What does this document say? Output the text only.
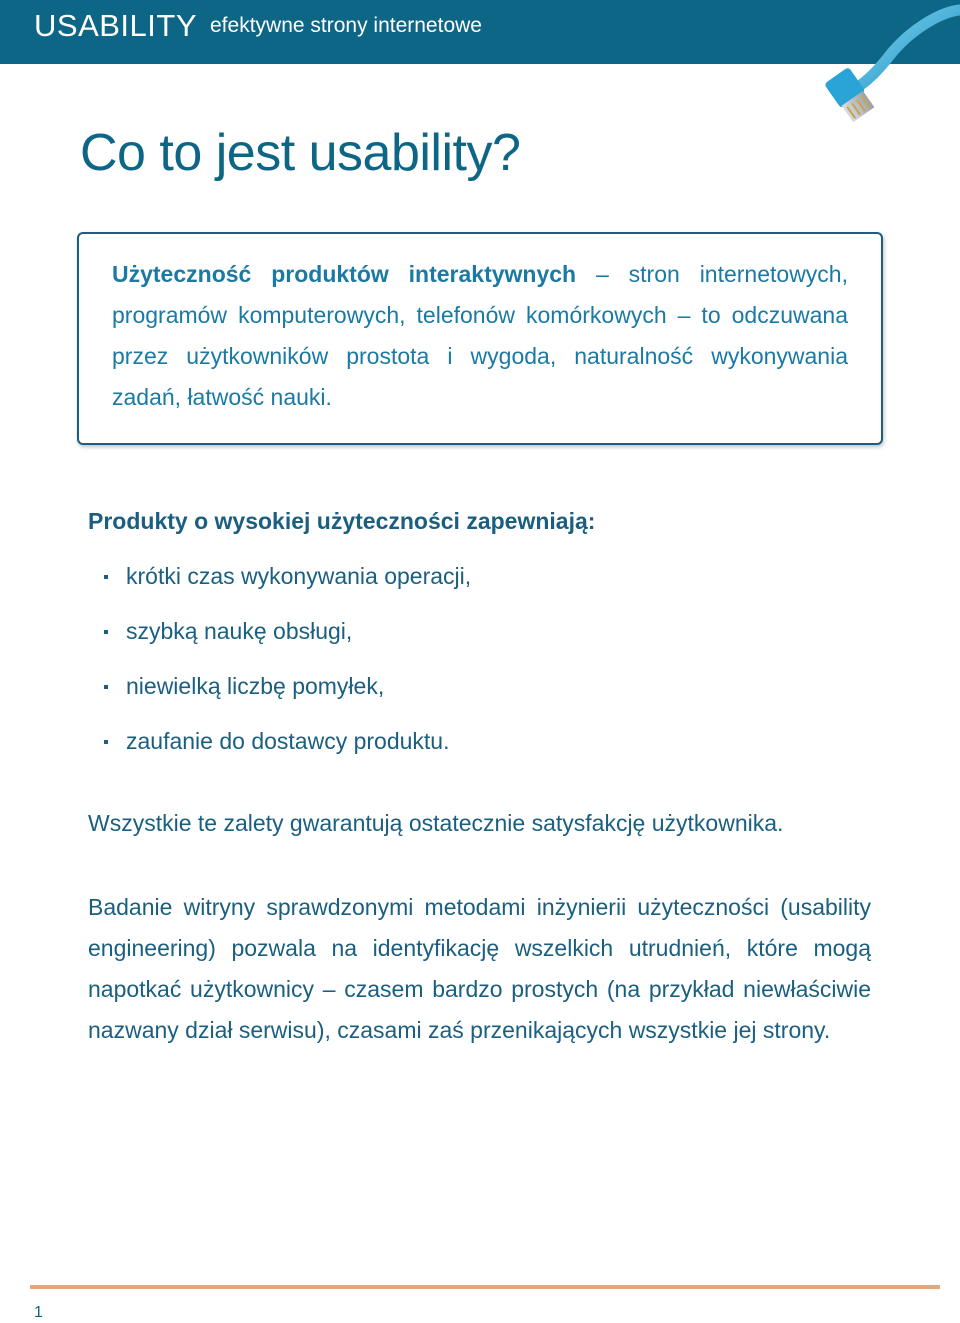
USABILITY efektywne strony internetowe
Co to jest usability?

Użyteczność produktów interaktywnych – stron internetowych, programów komputerowych, telefonów komórkowych – to odczuwana przez użytkowników prostota i wygoda, naturalność wykonywania zadań, łatwość nauki.

Produkty o wysokiej użyteczności zapewniają:
krótki czas wykonywania operacji,
szybką naukę obsługi,
niewielką liczbę pomyłek,
zaufanie do dostawcy produktu.
Wszystkie te zalety gwarantują ostatecznie satysfakcję użytkownika.

Badanie witryny sprawdzonymi metodami inżynierii użyteczności (usability engineering) pozwala na identyfikację wszelkich utrudnień, które mogą napotkać użytkownicy – czasem bardzo prostych (na przykład niewłaściwie nazwany dział serwisu), czasami zaś przenikających wszystkie jej strony.

1
